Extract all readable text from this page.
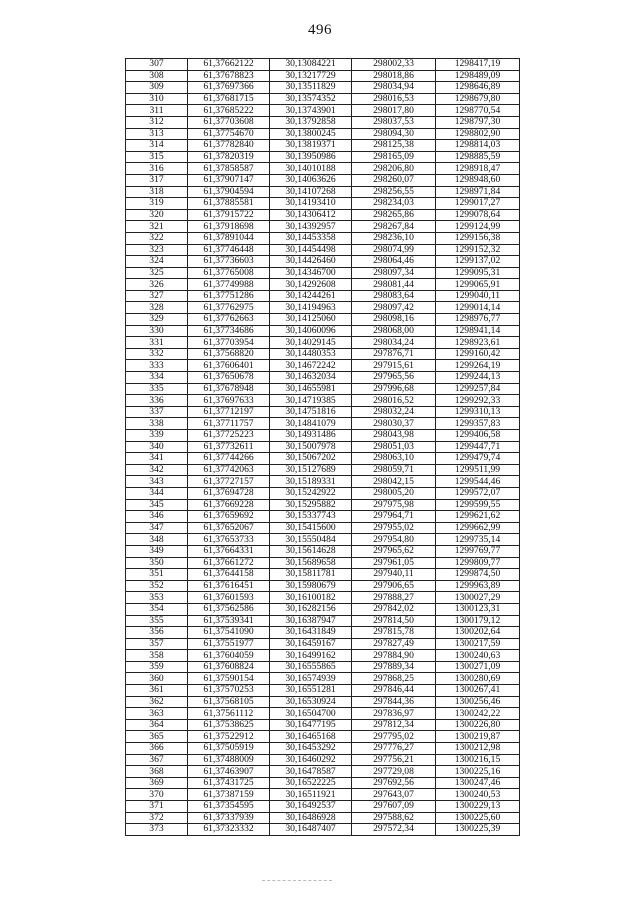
496
307	61,37662122	30,13084221	298002,33	1298417,19
308	61,37678823	30,13217729	298018,86	1298489,09
309	61,37697366	30,13511829	298034,94	1298646,89
310	61,37681715	30,13574352	298016,53	1298679,80
311	61,37685222	30,13743901	298017,80	1298770,54
312	61,37703608	30,13792858	298037,53	1298797,30
313	61,37754670	30,13800245	298094,30	1298802,90
314	61,37782840	30,13819371	298125,38	1298814,03
315	61,37820319	30,13950986	298165,09	1298885,59
316	61,37858587	30,14010188	298206,80	1298918,47
317	61,37907147	30,14063626	298260,07	1298948,60
318	61,37904594	30,14107268	298256,55	1298971,84
319	61,37885581	30,14193410	298234,03	1299017,27
320	61,37915722	30,14306412	298265,86	1299078,64
321	61,37918698	30,14392957	298267,84	1299124,99
322	61,37891044	30,14453358	298236,10	1299156,38
323	61,37746448	30,14454498	298074,99	1299152,32
324	61,37736603	30,14426460	298064,46	1299137,02
325	61,37765008	30,14346700	298097,34	1299095,31
326	61,37749988	30,14292608	298081,44	1299065,91
327	61,37751286	30,14244261	298083,64	1299040,11
328	61,37762975	30,14194963	298097,42	1299014,14
329	61,37762663	30,14125060	298098,16	1298976,77
330	61,37734686	30,14060096	298068,00	1298941,14
331	61,37703954	30,14029145	298034,24	1298923,61
332	61,37568820	30,14480353	297876,71	1299160,42
333	61,37606401	30,14672242	297915,61	1299264,19
334	61,37650678	30,14632034	297965,56	1299244,13
335	61,37678948	30,14655981	297996,68	1299257,84
336	61,37697633	30,14719385	298016,52	1299292,33
337	61,37712197	30,14751816	298032,24	1299310,13
338	61,37711757	30,14841079	298030,37	1299357,83
339	61,37725223	30,14931486	298043,98	1299406,58
340	61,37732611	30,15007978	298051,03	1299447,71
341	61,37744266	30,15067202	298063,10	1299479,74
342	61,37742063	30,15127689	298059,71	1299511,99
343	61,37727157	30,15189331	298042,15	1299544,46
344	61,37694728	30,15242922	298005,20	1299572,07
345	61,37669228	30,15295882	297975,98	1299599,55
346	61,37659692	30,15337743	297964,71	1299621,62
347	61,37652067	30,15415600	297955,02	1299662,99
348	61,37653733	30,15550484	297954,80	1299735,14
349	61,37664331	30,15614628	297965,62	1299769,77
350	61,37661272	30,15689658	297961,05	1299809,77
351	61,37644158	30,15811781	297940,11	1299874,50
352	61,37616451	30,15980679	297906,65	1299963,89
353	61,37601593	30,16100182	297888,27	1300027,29
354	61,37562586	30,16282156	297842,02	1300123,31
355	61,37539341	30,16387947	297814,50	1300179,12
356	61,37541090	30,16431849	297815,78	1300202,64
357	61,37551977	30,16459167	297827,49	1300217,59
358	61,37604059	30,16499162	297884,90	1300240,63
359	61,37608824	30,16555865	297889,34	1300271,09
360	61,37590154	30,16574939	297868,25	1300280,69
361	61,37570253	30,16551281	297846,44	1300267,41
362	61,37568105	30,16530924	297844,36	1300256,46
363	61,37561112	30,16504700	297836,97	1300242,22
364	61,37538625	30,16477195	297812,34	1300226,80
365	61,37522912	30,16465168	297795,02	1300219,87
366	61,37505919	30,16453292	297776,27	1300212,98
367	61,37488009	30,16460292	297756,21	1300216,15
368	61,37463907	30,16478587	297729,08	1300225,16
369	61,37431725	30,16522225	297692,56	1300247,46
370	61,37387159	30,16511921	297643,07	1300240,53
371	61,37354595	30,16492537	297607,09	1300229,13
372	61,37337939	30,16486928	297588,62	1300225,60
373	61,37323332	30,16487407	297572,34	1300225,39
